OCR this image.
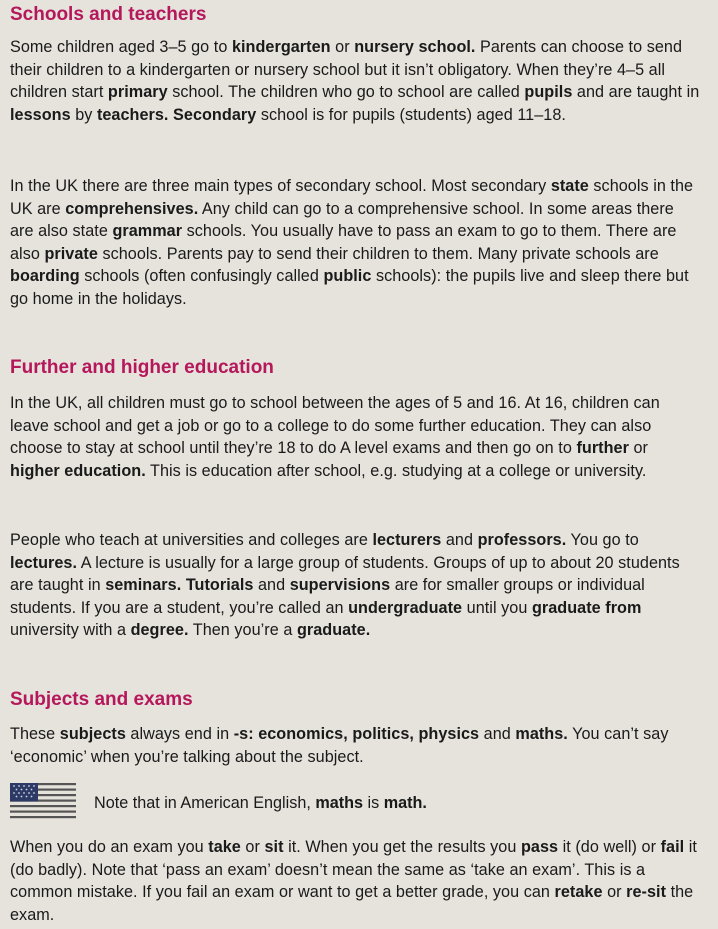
Schools and teachers

Some children aged 3–5 go to kindergarten or nursery school. Parents can choose to send their children to a kindergarten or nursery school but it isn’t obligatory. When they’re 4–5 all children start primary school. The children who go to school are called pupils and are taught in lessons by teachers. Secondary school is for pupils (students) aged 11–18.

In the UK there are three main types of secondary school. Most secondary state schools in the UK are comprehensives. Any child can go to a comprehensive school. In some areas there are also state grammar schools. You usually have to pass an exam to go to them. There are also private schools. Parents pay to send their children to them. Many private schools are boarding schools (often confusingly called public schools): the pupils live and sleep there but go home in the holidays.

Further and higher education

In the UK, all children must go to school between the ages of 5 and 16. At 16, children can leave school and get a job or go to a college to do some further education. They can also choose to stay at school until they’re 18 to do A level exams and then go on to further or higher education. This is education after school, e.g. studying at a college or university.

People who teach at universities and colleges are lecturers and professors. You go to lectures. A lecture is usually for a large group of students. Groups of up to about 20 students are taught in seminars. Tutorials and supervisions are for smaller groups or individual students. If you are a student, you’re called an undergraduate until you graduate from university with a degree. Then you’re a graduate.

Subjects and exams

These subjects always end in -s: economics, politics, physics and maths. You can’t say ‘economic’ when you’re talking about the subject.

Note that in American English, maths is math.

When you do an exam you take or sit it. When you get the results you pass it (do well) or fail it (do badly). Note that ‘pass an exam’ doesn’t mean the same as ‘take an exam’. This is a common mistake. If you fail an exam or want to get a better grade, you can retake or re-sit the exam.
